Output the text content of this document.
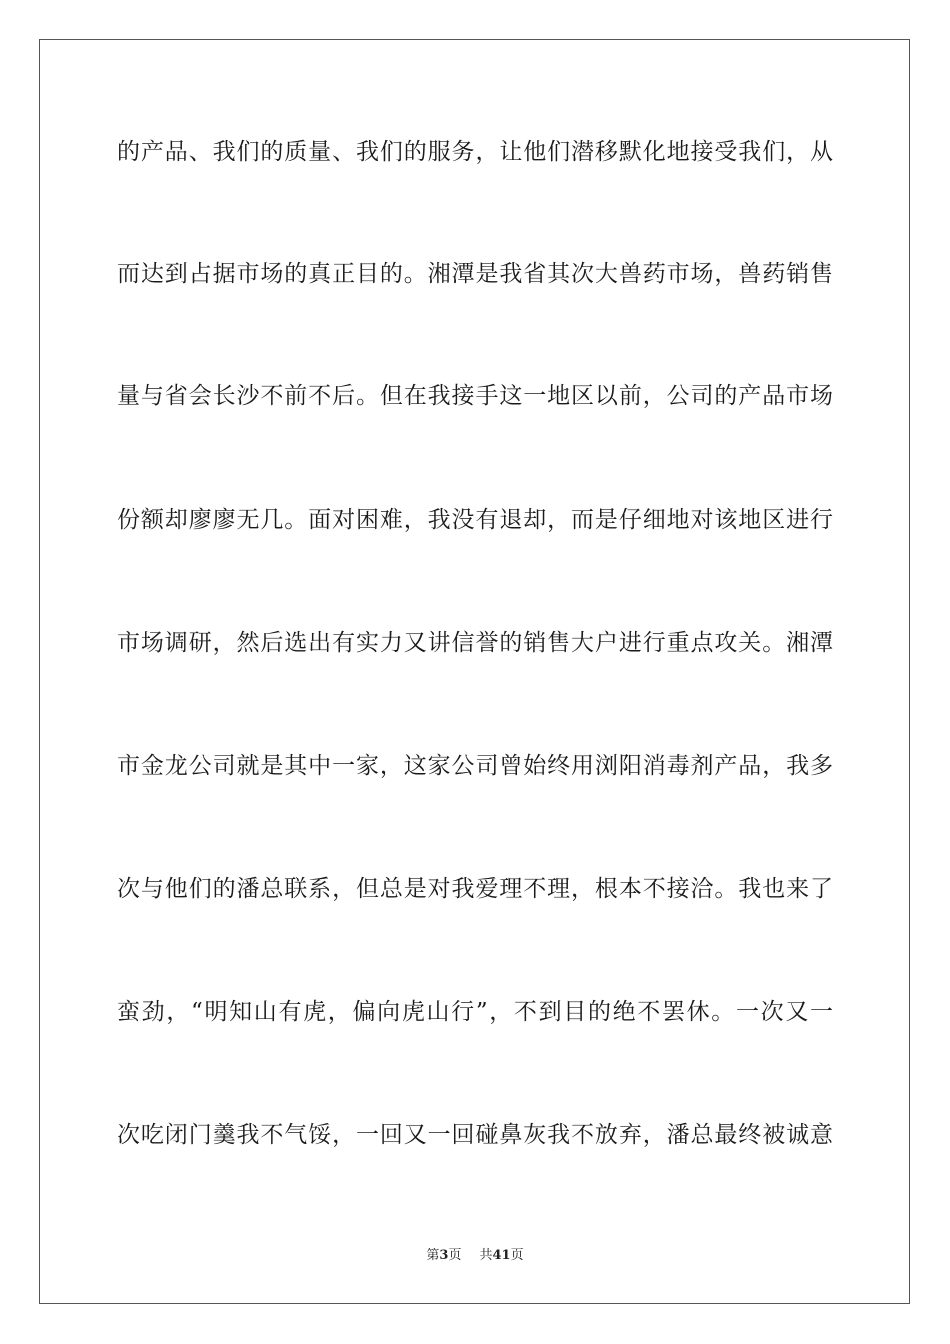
的产品、我们的质量、我们的服务，让他们潜移默化地接受我们，从
而达到占据市场的真正目的。湘潭是我省其次大兽药市场，兽药销售
量与省会长沙不前不后。但在我接手这一地区以前，公司的产品市场
份额却廖廖无几。面对困难，我没有退却，而是仔细地对该地区进行
市场调研，然后选出有实力又讲信誉的销售大户进行重点攻关。湘潭
市金龙公司就是其中一家，这家公司曾始终用浏阳消毒剂产品，我多
次与他们的潘总联系，但总是对我爱理不理，根本不接洽。我也来了
蛮劲，“明知山有虎，偏向虎山行”，不到目的绝不罢休。一次又一
次吃闭门羹我不气馁，一回又一回碰鼻灰我不放弃，潘总最终被诚意
第3页 共41页
